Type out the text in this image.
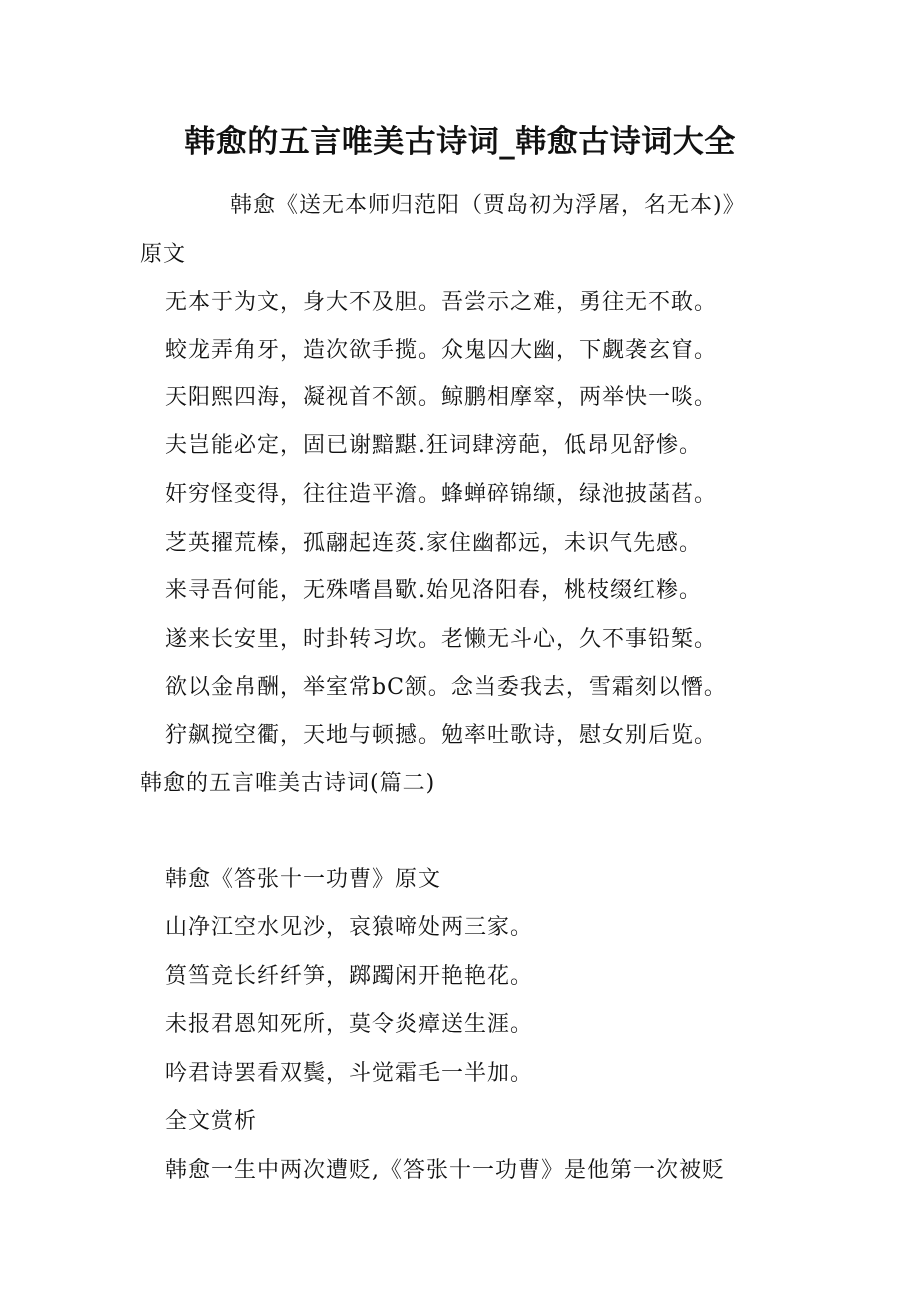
韩愈的五言唯美古诗词_韩愈古诗词大全
韩愈《送无本师归范阳（贾岛初为浮屠，名无本)》
原文
无本于为文，身大不及胆。吾尝示之难，勇往无不敢。
蛟龙弄角牙，造次欲手揽。众鬼囚大幽，下觑袭玄窅。
天阳熙四海，凝视首不颔。鲸鹏相摩窣，两举快一啖。
夫岂能必定，固已谢黯黮.狂词肆滂葩，低昂见舒惨。
奸穷怪变得，往往造平澹。蜂蝉碎锦缬，绿池披菡萏。
芝英擢荒榛，孤翮起连菼.家住幽都远，未识气先感。
来寻吾何能，无殊嗜昌歜.始见洛阳春，桃枝缀红糁。
遂来长安里，时卦转习坎。老懒无斗心，久不事铅椠。
欲以金帛酬，举室常bC颔。念当委我去，雪霜刻以憯。
狞飙搅空衢，天地与顿撼。勉率吐歌诗，慰女别后览。
韩愈的五言唯美古诗词(篇二)
韩愈《答张十一功曹》原文
山净江空水见沙，哀猿啼处两三家。
筼筜竞长纤纤笋，踯躅闲开艳艳花。
未报君恩知死所，莫令炎瘴送生涯。
吟君诗罢看双鬓，斗觉霜毛一半加。
全文赏析
韩愈一生中两次遭贬,《答张十一功曹》是他第一次被贬
